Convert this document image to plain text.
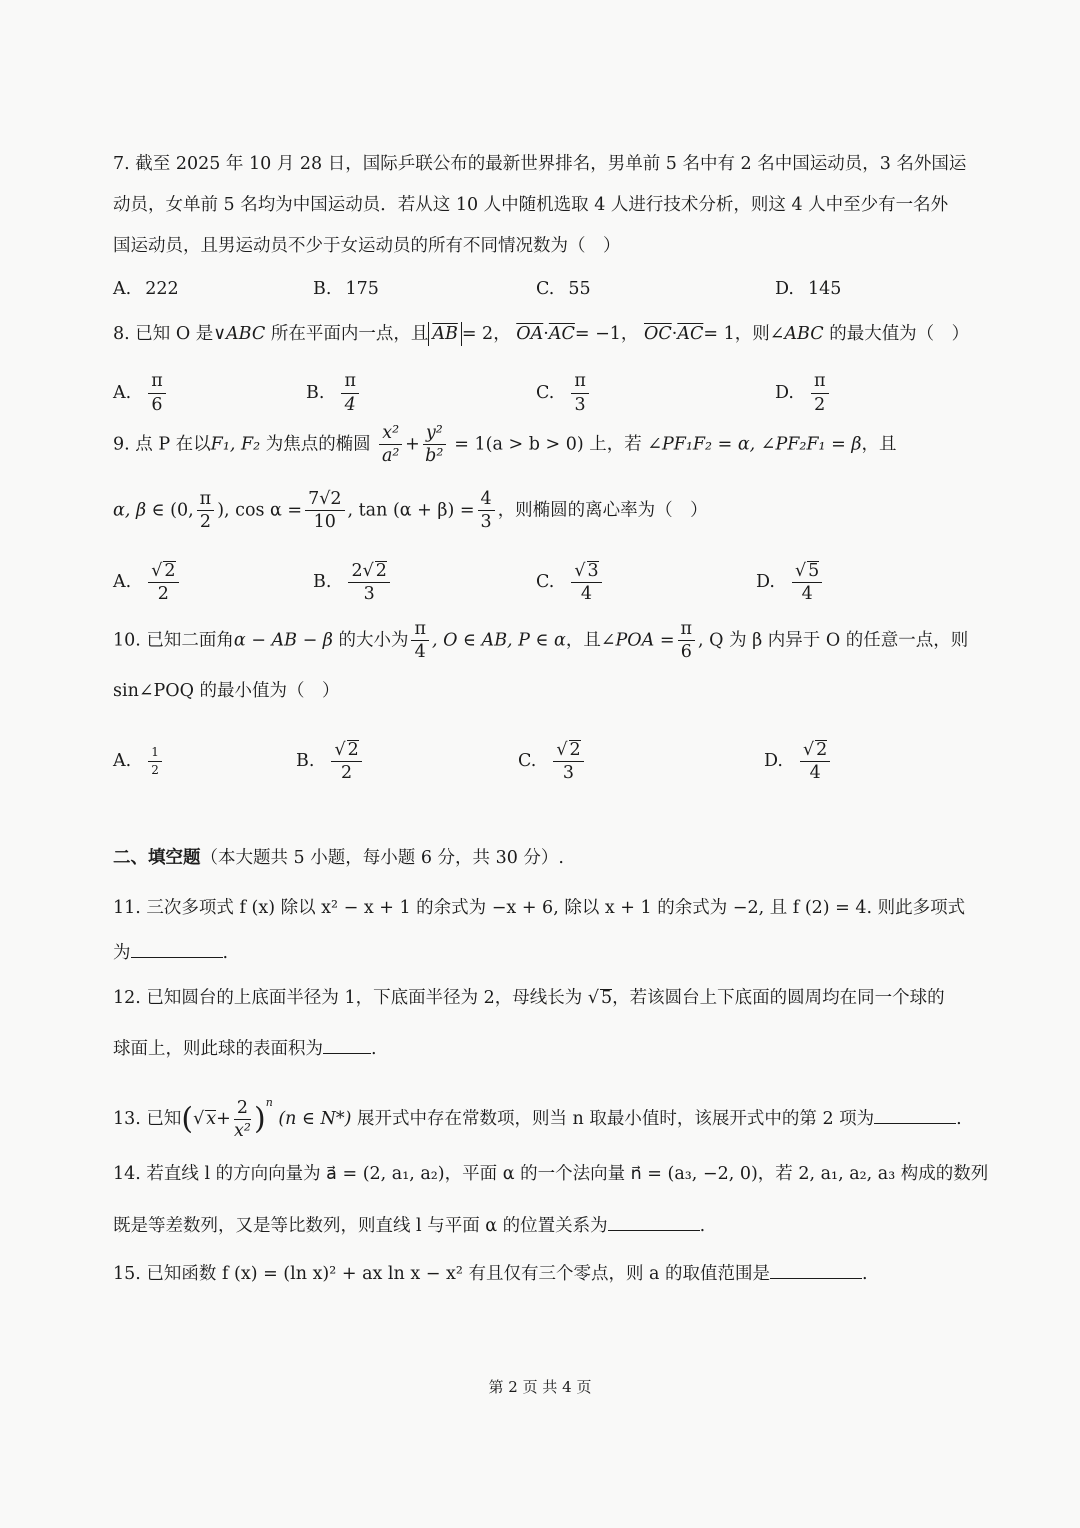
7. 截至 2025 年 10 月 28 日，国际乒联公布的最新世界排名，男单前 5 名中有 2 名中国运动员，3 名外国运
动员，女单前 5 名均为中国运动员．若从这 10 人中随机选取 4 人进行技术分析，则这 4 人中至少有一名外
国运动员，且男运动员不少于女运动员的所有不同情况数为（　）
A. 222	B. 175	C. 55	D. 145
8. 已知 O 是∨ABC 所在平面内一点，且 $\overline{AB} = 2$， $\overline{OA}\cdot\overline{AC}= -1$， $\overline{OC}\cdot\overline{AC}= 1$，则∠ABC 的最大值为（　）
A. $\frac{\pi}{6}$	B. $\frac{\pi}{4}$	C. $\frac{\pi}{3}$	D. $\frac{\pi}{2}$
9. 点 P 在以F₁, F₂ 为焦点的椭圆 $\frac{\text{x²}}{\text{a²}} + \frac{\text{y²}}{\text{b²}} = 1(a > b > 0)$ 上，若 ∠PF₁F₂ = α, ∠PF₂F₁ = β，且
α, β ∈ (0, $\frac{\pi}{2}$ ), $\cos \alpha = \frac{7√2}{10}$ , $\tan (\alpha + \beta) = \frac{4}{3}$ ，则椭圆的离心率为（　）
A. $\frac{√ 2}{2}$	B. $\frac{2√ 2}{3}$	C. $\frac{√ 3}{4}$	D. $\frac{√ 5}{4}$
10. 已知二面角α − AB − β 的大小为 $\frac{\pi}{4}$ , O ∈ AB, P ∈ α，且∠POA = $\frac{\pi}{6}$ , Q 为 β 内异于 O 的任意一点，则
sin∠POQ 的最小值为（　）
A. $\frac{1}{2}$	B. $\frac{√ 2}{2}$	C. $\frac{√ 2}{3}$	D. $\frac{√ 2}{4}$
二、填空题（本大题共 5 小题，每小题 6 分，共 30 分）.
11. 三次多项式 f (x) 除以 x² − x + 1 的余式为 −x + 6, 除以 x + 1 的余式为 −2, 且 f (2) = 4. 则此多项式
为	.
12. 已知圆台的上底面半径为 1，下底面半径为 2，母线长为 √ 5，若该圆台上下底面的圆周均在同一个球的
球面上，则此球的表面积为	.
13. 已知(√ $x+ \frac{2}{\text{x²}} )^n$ (n ∈ N*) 展开式中存在常数项，则当 n 取最小值时，该展开式中的第 2 项为	.
14. 若直线 l 的方向向量为 a⃗ = (2, a₁, a₂)，平面 α 的一个法向量 n⃗ = (a₃, −2, 0)，若 2, a₁, a₂, a₃ 构成的数列
既是等差数列，又是等比数列，则直线 l 与平面 α 的位置关系为	.
15. 已知函数 f (x) = (ln x)² + ax ln x − x² 有且仅有三个零点，则 a 的取值范围是	.
第 2 页 共 4 页
